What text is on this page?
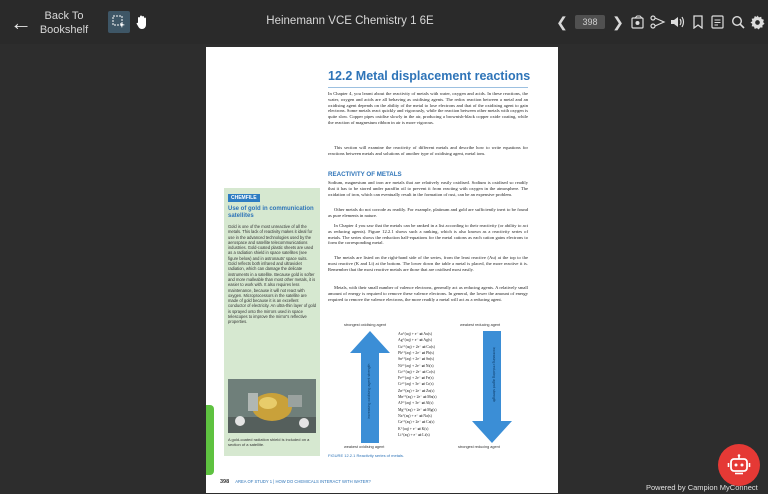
←	Back To Bookshelf
Heinemann VCE Chemistry 1 6E	❮	398	❯
12.2 Metal displacement reactions
In Chapter 4, you learnt about the reactivity of metals with water, oxygen and acids. In these reactions, the water, oxygen and acids are all behaving as oxidising agents. The redox reaction between a metal and an oxidising agent depends on the ability of the metal to lose electrons and that of the oxidising agent to gain electrons. Some metals react quickly and vigorously, while the reaction between other metals with oxygen is quite slow. Copper pipes oxidise slowly in the air, producing a brownish-black copper oxide coating, while the reaction of magnesium ribbon in air is more vigorous.
This section will examine the reactivity of different metals and describe how to write equations for reactions between metals and solutions of another type of oxidising agent, metal ions.
REACTIVITY OF METALS
Sodium, magnesium and iron are metals that are relatively easily oxidised. Sodium is oxidised so readily that it has to be stored under paraffin oil to prevent it from reacting with oxygen in the atmosphere. The oxidation of iron, which can eventually result in the formation of rust, can be an expensive problem.
Other metals do not corrode as readily. For example, platinum and gold are sufficiently inert to be found as pure elements in nature.
In Chapter 4 you saw that the metals can be ranked in a list according to their reactivity (or ability to act as reducing agents). Figure 12.2.1 shows such a ranking, which is also known as a reactivity series of metals. The series shows the reduction half-equations for the metal cations as each cation gains electrons to form the corresponding metal.
The metals are listed on the right-hand side of the series, from the least reactive (Au) at the top to the most reactive (K and Li) at the bottom. The lower down the table a metal is placed, the more reactive it is. Remember that the most reactive metals are those that are oxidised most easily.
Metals, with their small number of valence electrons, generally act as reducing agents. A relatively small amount of energy is required to remove these valence electrons. In general, the lower the amount of energy required to remove the valence electrons, the more readily a metal will act as a reducing agent.
CHEMFILE
Use of gold in communication satellites
Gold is one of the most unreactive of all the metals. This lack of reactivity makes it ideal for use in the advanced technologies used by the aerospace and satellite telecommunications industries. Gold-coated plastic sheets are used as a radiation shield in space satellites (see figure below) and in astronauts' space suits. Gold reflects both infrared and ultraviolet radiation, which can damage the delicate instruments in a satellite. Because gold is softer and more malleable than most other metals, it is easier to work with. It also requires less maintenance, because it will not react with oxygen. Microprocessors in the satellite are made of gold because it is an excellent conductor of electricity. An ultra-thin layer of gold is sprayed onto the mirrors used in space telescopes to improve the mirror's reflective properties.
A gold-coated radiation shield is included on a section of a satellite.
strongest oxidising agent	weakest reducing agent
increasing oxidising agent strength	increasing reducing agent strength
Au⁺(aq) + e⁻ ⇌ Au(s)
Ag⁺(aq) + e⁻ ⇌ Ag(s)
Cu²⁺(aq) + 2e⁻ ⇌ Cu(s)
Pb²⁺(aq) + 2e⁻ ⇌ Pb(s)
Sn²⁺(aq) + 2e⁻ ⇌ Sn(s)
Ni²⁺(aq) + 2e⁻ ⇌ Ni(s)
Co²⁺(aq) + 2e⁻ ⇌ Co(s)
Fe²⁺(aq) + 2e⁻ ⇌ Fe(s)
Cr³⁺(aq) + 3e⁻ ⇌ Cr(s)
Zn²⁺(aq) + 2e⁻ ⇌ Zn(s)
Mn²⁺(aq) + 2e⁻ ⇌ Mn(s)
Al³⁺(aq) + 3e⁻ ⇌ Al(s)
Mg²⁺(aq) + 2e⁻ ⇌ Mg(s)
Na⁺(aq) + e⁻ ⇌ Na(s)
Ca²⁺(aq) + 2e⁻ ⇌ Ca(s)
K⁺(aq) + e⁻ ⇌ K(s)
Li⁺(aq) + e⁻ ⇌ Li(s)
weakest oxidising agent	strongest reducing agent
FIGURE 12.2.1 Reactivity series of metals.
398 AREA OF STUDY 1 | HOW DO CHEMICALS INTERACT WITH WATER?
Powered by Campion MyConnect
